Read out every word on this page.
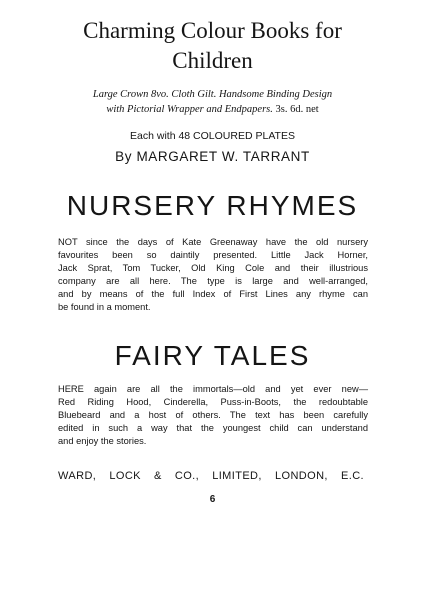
Charming Colour Books for
Children
Large Crown 8vo. Cloth Gilt. Handsome Binding Design
with Pictorial Wrapper and Endpapers. 3s. 6d. net
Each with 48 COLOURED PLATES
By MARGARET W. TARRANT
NURSERY RHYMES
NOT since the days of Kate Greenaway have the old nursery
favourites been so daintily presented. Little Jack Horner,
Jack Sprat, Tom Tucker, Old King Cole and their illustrious
company are all here. The type is large and well-arranged,
and by means of the full Index of First Lines any rhyme can
be found in a moment.
FAIRY TALES
HERE again are all the immortals—old and yet ever new—
Red Riding Hood, Cinderella, Puss-in-Boots, the redoubtable
Bluebeard and a host of others. The text has been carefully
edited in such a way that the youngest child can understand
and enjoy the stories.
WARD, LOCK & CO., LIMITED, LONDON, E.C.
6
